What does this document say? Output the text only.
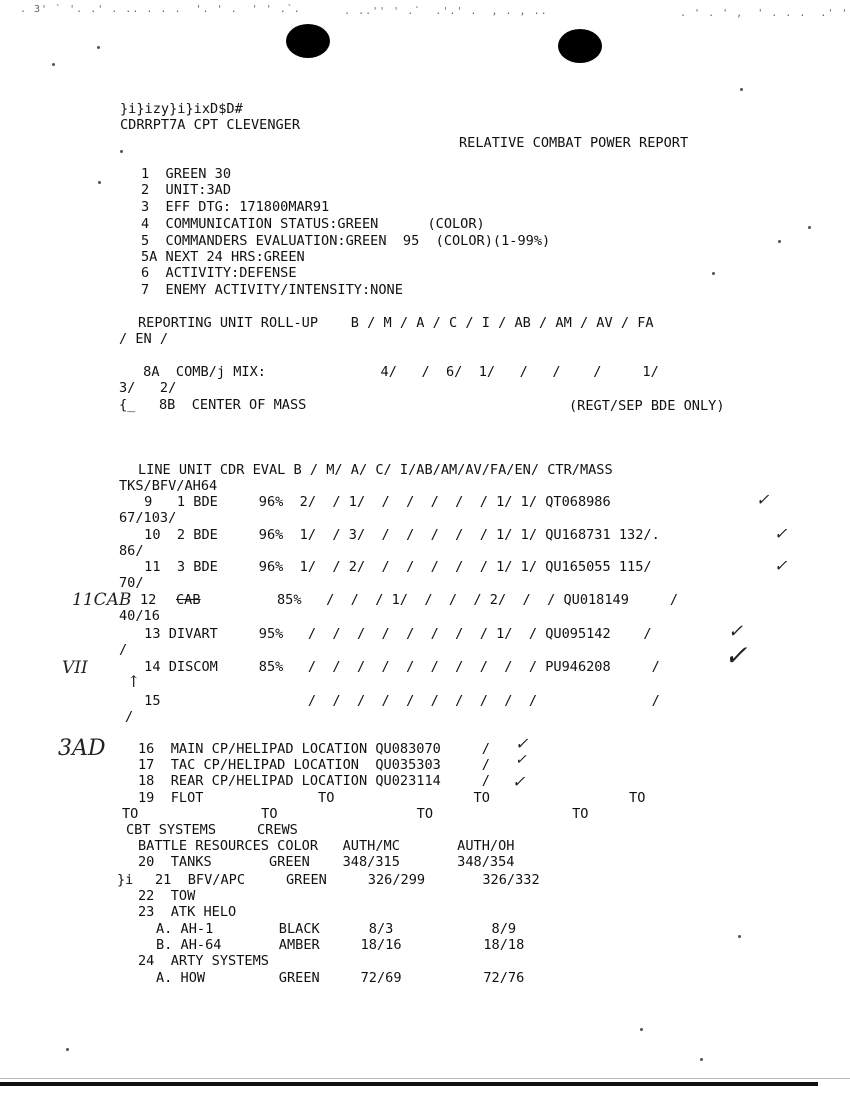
. 3' ` '. .' . .. . . .  '. ' .  ' ' .`.	. ..'' ' .`  .'.' .  , . , ..	. ' . ' ,  ' . . .  .' '
}i}izy}i}ixD$D#
CDRRPT7A CPT CLEVENGER
RELATIVE COMBAT POWER REPORT
1  GREEN 30
2  UNIT:3AD
3  EFF DTG: 171800MAR91
4  COMMUNICATION STATUS:GREEN      (COLOR)
5  COMMANDERS EVALUATION:GREEN  95  (COLOR)(1-99%)
5A NEXT 24 HRS:GREEN
6  ACTIVITY:DEFENSE
7  ENEMY ACTIVITY/INTENSITY:NONE
REPORTING UNIT ROLL-UP    B / M / A / C / I / AB / AM / AV / FA
/ EN /
8A  COMB/j MIX:              4/   /  6/  1/   /   /    /     1/
3/   2/
{_ 8B  CENTER OF MASS	(REGT/SEP BDE ONLY)
LINE UNIT CDR EVAL B / M/ A/ C/ I/AB/AM/AV/FA/EN/ CTR/MASS
TKS/BFV/AH64
9   1 BDE     96%  2/  / 1/  /  /  /  /  / 1/ 1/ QT068986
67/103/
✓
10  2 BDE     96%  1/  / 3/  /  /  /  /  / 1/ 1/ QU168731 132/.
86/
✓
11  3 BDE     96%  1/  / 2/  /  /  /  /  / 1/ 1/ QU165055 115/
70/
✓
11CAB 12 CAB	85%   /  /  / 1/  /  /  / 2/  /  / QU018149     /
40/16
13 DIVART     95%   /  /  /  /  /  /  /  / 1/  / QU095142    /
/
✓
VII	14 DISCOM     85%   /  /  /  /  /  /  /  /  /  / PU946208     / ✓
↑
15                  /  /  /  /  /  /  /  /  /  /              /
/
3AD 16  MAIN CP/HELIPAD LOCATION QU083070     / ✓
17  TAC CP/HELIPAD LOCATION  QU035303     / ✓
18  REAR CP/HELIPAD LOCATION QU023114     / ✓
19  FLOT              TO                 TO                 TO
TO               TO                 TO                 TO
CBT SYSTEMS     CREWS
BATTLE RESOURCES COLOR   AUTH/MC       AUTH/OH
20  TANKS       GREEN    348/315       348/354
}i 21  BFV/APC     GREEN     326/299       326/332
22  TOW
23  ATK HELO
A. AH-1        BLACK      8/3            8/9
B. AH-64       AMBER     18/16          18/18
24  ARTY SYSTEMS
A. HOW         GREEN     72/69          72/76
